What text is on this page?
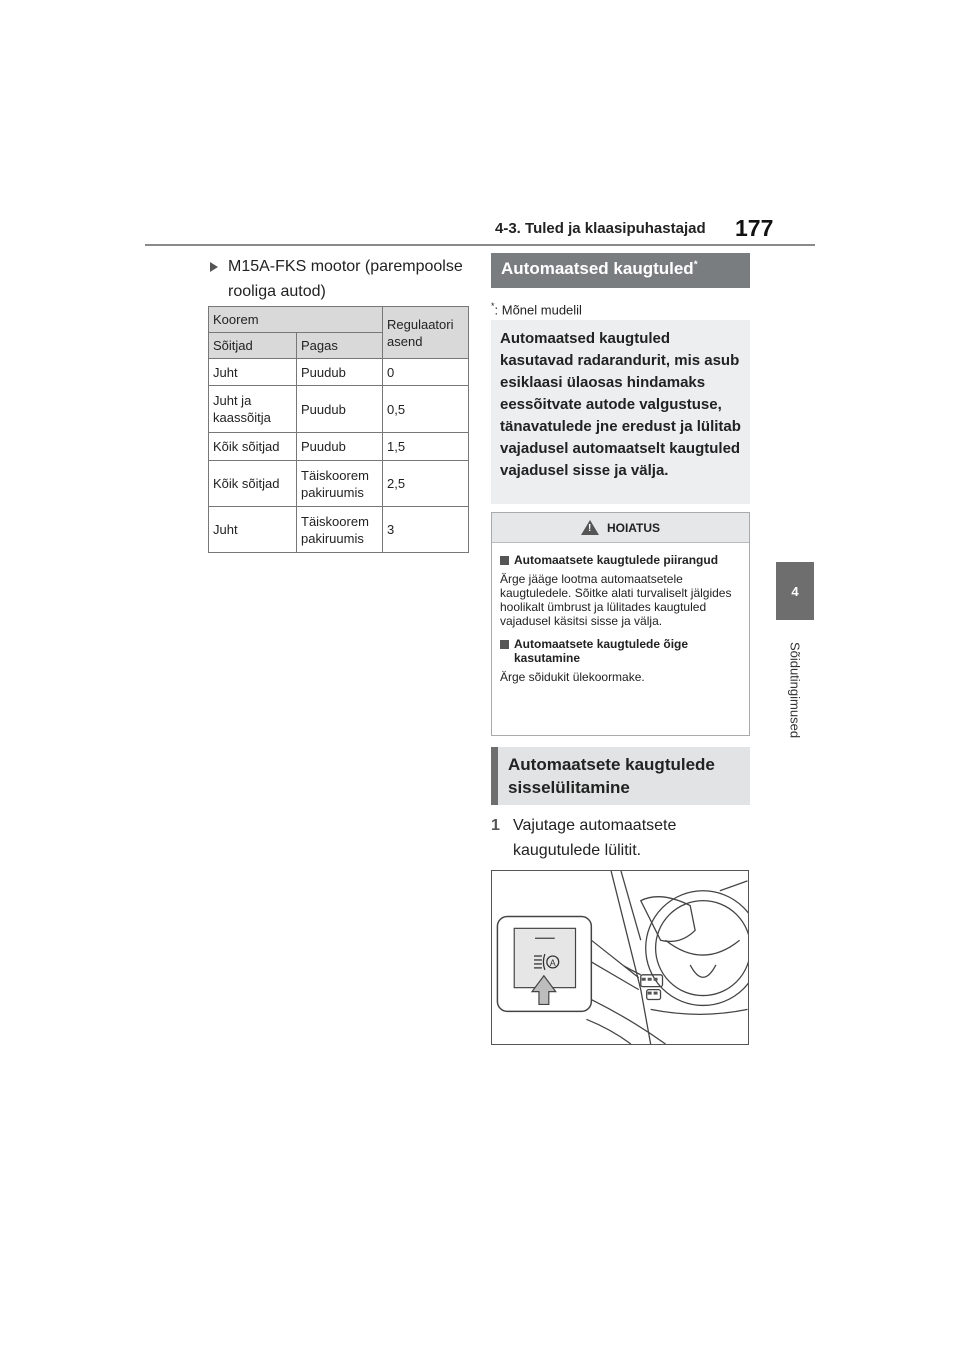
4-3. Tuled ja klaasipuhastajad 177
4
Sõidutingimused
M15A-FKS mootor (parempoolse rooliga autod)
Koorem		Regulaatori asend
Sõitjad	Pagas	
Juht	Puudub	0
Juht ja kaassõitja	Puudub	0,5
Kõik sõitjad	Puudub	1,5
Kõik sõitjad	Täiskoorem pakiruumis	2,5
Juht	Täiskoorem pakiruumis	3
Automaatsed kaugtuled*
*: Mõnel mudelil
Automaatsed kaugtuled kasutavad radarandurit, mis asub esiklaasi ülaosas hindamaks eessõitvate autode valgustuse, tänavatulede jne eredust ja lülitab vajadusel automaatselt kaugtuled vajadusel sisse ja välja.
!
HOIATUS
Automaatsete kaugtulede piirangud
Ärge jääge lootma automaatsetele kaugtuledele. Sõitke alati turvaliselt jälgides hoolikalt ümbrust ja lülitades kaugtuled vajadusel käsitsi sisse ja välja.
Automaatsete kaugtulede õige kasutamine
Ärge sõidukit ülekoormake.
Automaatsete kaugtulede sisselülitamine
1 Vajutage automaatsete kaugutulede lülitit.
A
